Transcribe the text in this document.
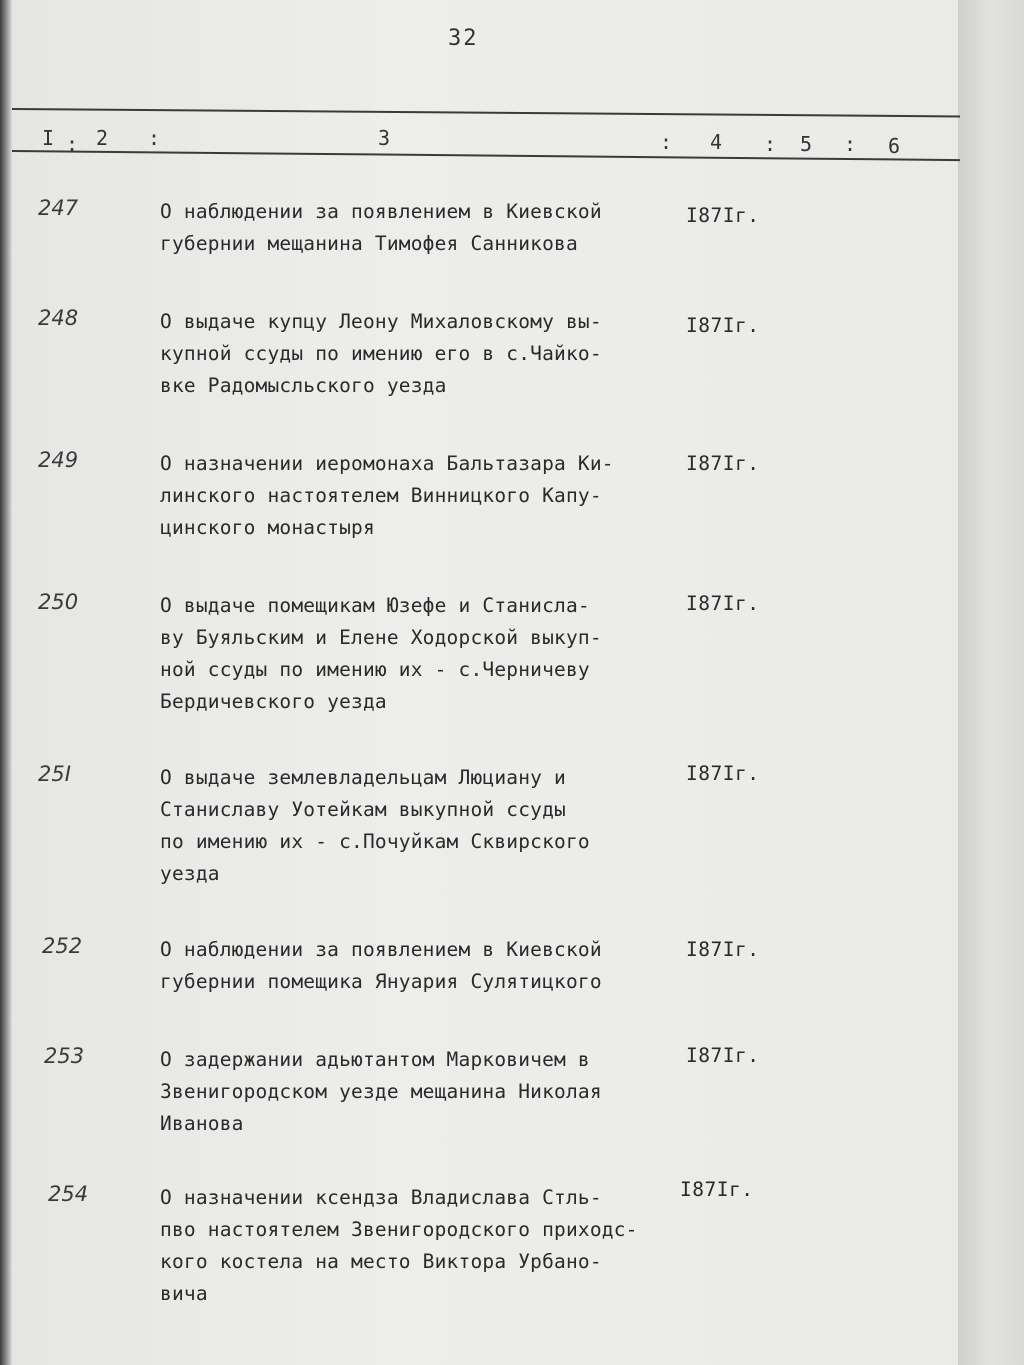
32
I : 2 :	3	: 4 : 5 : 6
247	О наблюдении за появлением в Киевской
губернии мещанина Тимофея Санникова
I87Iг.
248	О выдаче купцу Леону Михаловскому вы-
купной ссуды по имению его в с.Чайко-
вке Радомысльского уезда
I87Iг.
249	О назначении иеромонаха Бальтазара Ки-
линского настоятелем Винницкого Капу-
цинского монастыря
I87Iг.
250	О выдаче помещикам Юзефе и Станисла-
ву Буяльским и Елене Ходорской выкуп-
ной ссуды по имению их - с.Черничеву
Бердичевского уезда
I87Iг.
25I	О выдаче землевладельцам Люциану и
Станиславу Уотейкам выкупной ссуды
по имению их - с.Почуйкам Сквирского
уезда
I87Iг.
252	О наблюдении за появлением в Киевской
губернии помещика Януария Сулятицкого
I87Iг.
253	О задержании адьютантом Марковичем в
Звенигородском уезде мещанина Николая
Иванова
I87Iг.
254	О назначении ксендза Владислава Стль-
пво настоятелем Звенигородского приходс-
кого костела на место Виктора Урбано-
вича
I87Iг.
